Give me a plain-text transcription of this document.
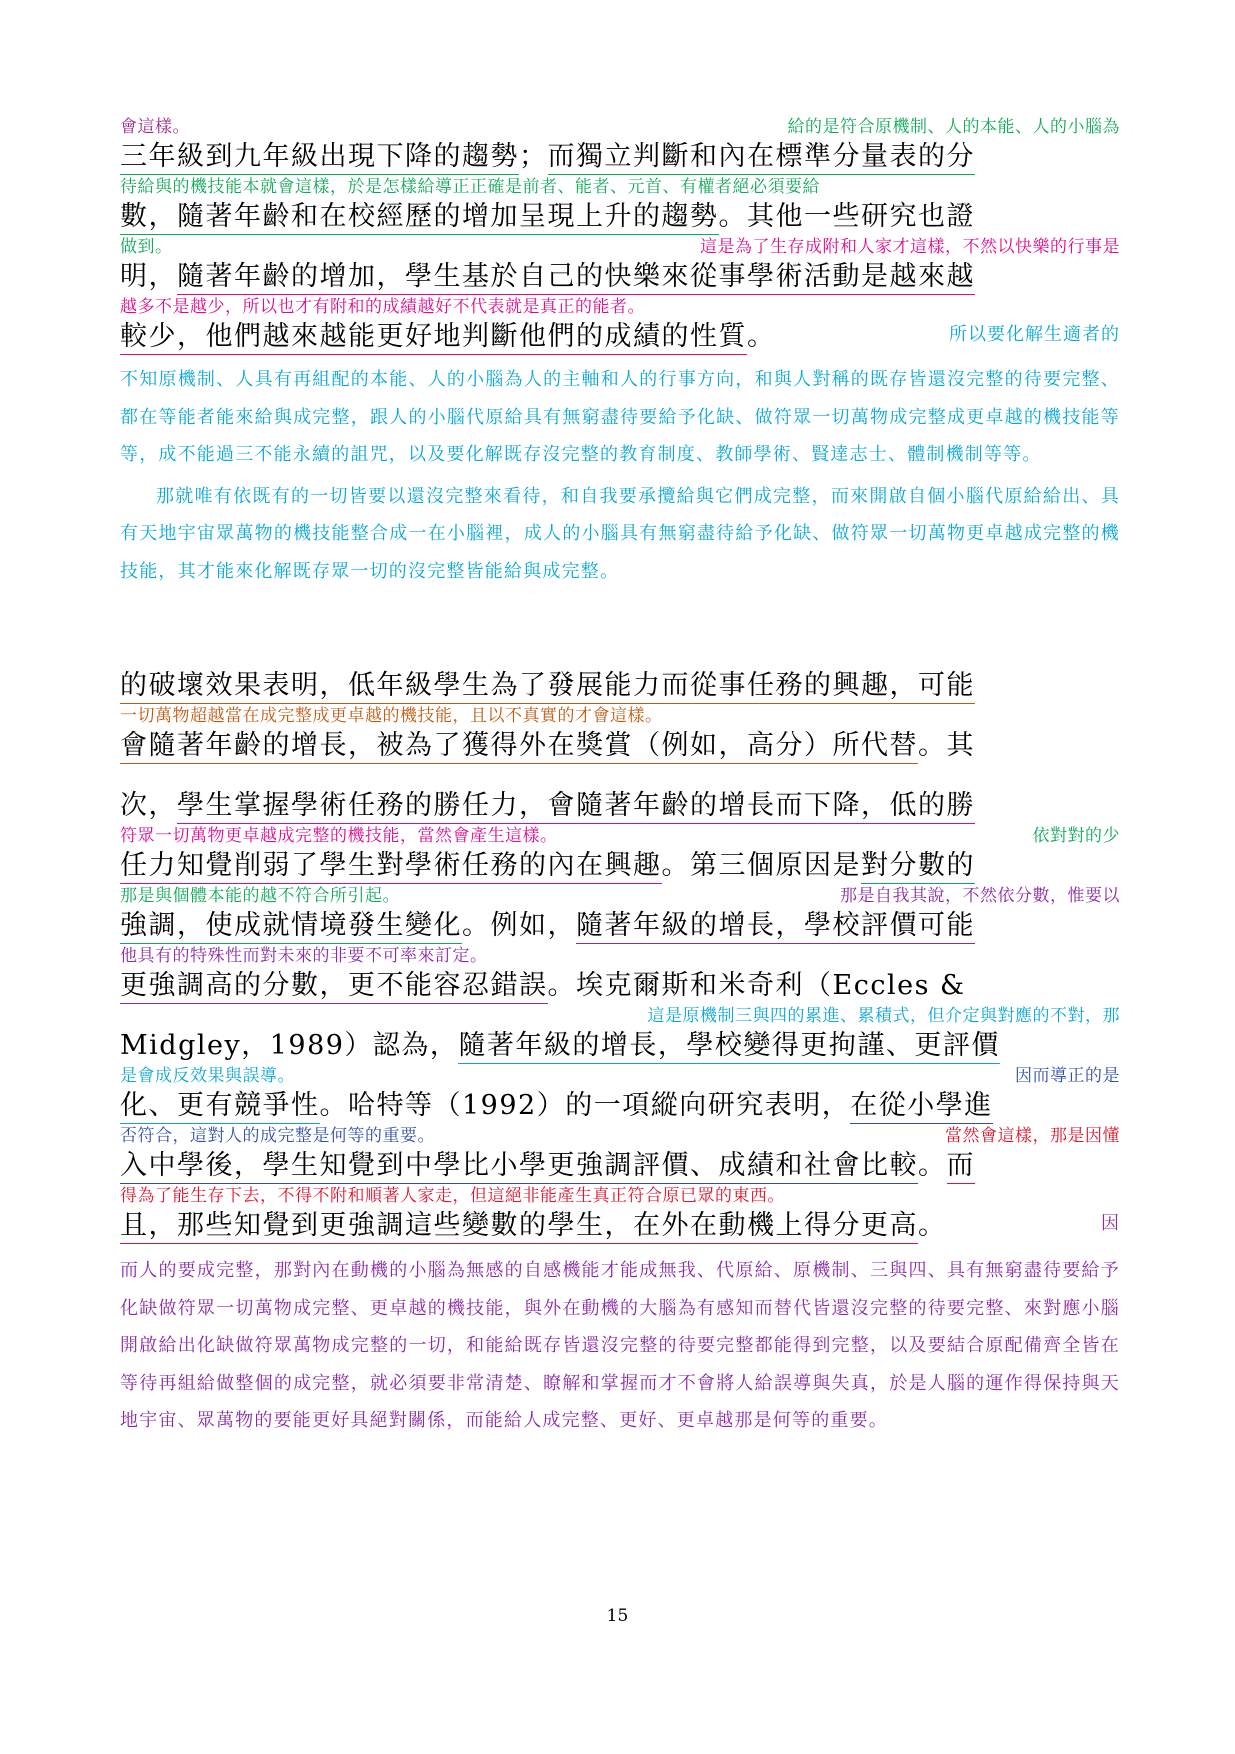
會這樣。	給的是符合原機制、人的本能、人的小腦為
三年級到九年級出現下降的趨勢；而獨立判斷和內在標準分量表的分
待給與的機技能本就會這樣，於是怎樣給導正正確是前者、能者、元首、有權者絕必須要給
數，隨著年齡和在校經歷的增加呈現上升的趨勢。其他一些研究也證
做到。	這是為了生存成附和人家才這樣，不然以快樂的行事是
明，隨著年齡的增加，學生基於自己的快樂來從事學術活動是越來越
越多不是越少，所以也才有附和的成績越好不代表就是真正的能者。
較少，他們越來越能更好地判斷他們的成績的性質。	所以要化解生適者的
不知原機制、人具有再組配的本能、人的小腦為人的主軸和人的行事方向，和與人對稱的既存皆還沒完整的待要完整、都在等能者能來給與成完整，跟人的小腦代原給具有無窮盡待要給予化缺、做符眾一切萬物成完整成更卓越的機技能等等，成不能過三不能永續的詛咒，以及要化解既存沒完整的教育制度、教師學術、賢達志士、體制機制等等。
那就唯有依既有的一切皆要以還沒完整來看待，和自我要承攬給與它們成完整，而來開啟自個小腦代原給給出、具有天地宇宙眾萬物的機技能整合成一在小腦裡，成人的小腦具有無窮盡待給予化缺、做符眾一切萬物更卓越成完整的機技能，其才能來化解既存眾一切的沒完整皆能給與成完整。

的破壞效果表明，低年級學生為了發展能力而從事任務的興趣，可能
一切萬物超越當在成完整成更卓越的機技能，且以不真實的才會這樣。
會隨著年齡的增長，被為了獲得外在獎賞（例如，高分）所代替。其

次，學生掌握學術任務的勝任力，會隨著年齡的增長而下降，低的勝
符眾一切萬物更卓越成完整的機技能，當然會產生這樣。	依對對的少
任力知覺削弱了學生對學術任務的內在興趣。第三個原因是對分數的
那是與個體本能的越不符合所引起。	那是自我其說，不然依分數，惟要以
強調，使成就情境發生變化。例如，隨著年級的增長，學校評價可能
他具有的特殊性而對未來的非要不可率來訂定。
更強調高的分數，更不能容忍錯誤。埃克爾斯和米奇利（Eccles &
這是原機制三與四的累進、累積式，但介定與對應的不對，那
Midgley，1989）認為，隨著年級的增長，學校變得更拘謹、更評價
是會成反效果與誤導。	因而導正的是
化、更有競爭性。哈特等（1992）的一項縱向研究表明，在從小學進
否符合，這對人的成完整是何等的重要。	當然會這樣，那是因懂
入中學後，學生知覺到中學比小學更強調評價、成績和社會比較。而
得為了能生存下去，不得不附和順著人家走，但這絕非能產生真正符合原已眾的東西。
且，那些知覺到更強調這些變數的學生，在外在動機上得分更高。	因
而人的要成完整，那對內在動機的小腦為無感的自感機能才能成無我、代原給、原機制、三與四、具有無窮盡待要給予化缺做符眾一切萬物成完整、更卓越的機技能，與外在動機的大腦為有感知而替代皆還沒完整的待要完整、來對應小腦開啟給出化缺做符眾萬物成完整的一切，和能給既存皆還沒完整的待要完整都能得到完整，以及要結合原配備齊全皆在等待再組給做整個的成完整，就必須要非常清楚、瞭解和掌握而才不會將人給誤導與失真，於是人腦的運作得保持與天地宇宙、眾萬物的要能更好具絕對關係，而能給人成完整、更好、更卓越那是何等的重要。
15
